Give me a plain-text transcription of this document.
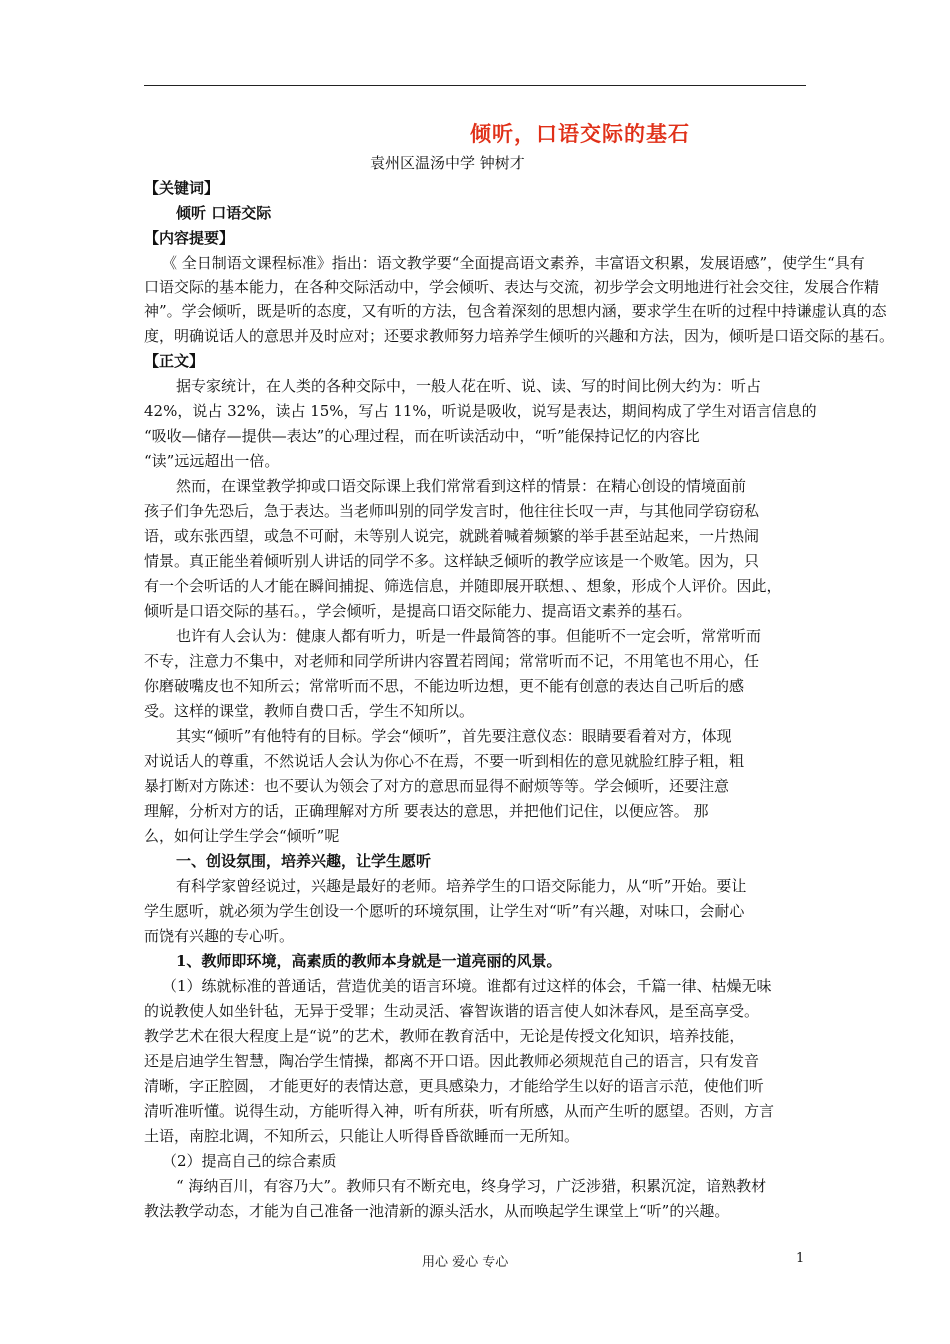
倾听，口语交际的基石
袁州区温汤中学 钟树才
【关键词】
倾听 口语交际
【内容提要】
《 全日制语文课程标准》指出：语文教学要“全面提高语文素养，丰富语文积累，发展语感”，使学生“具有
口语交际的基本能力，在各种交际活动中，学会倾听、表达与交流，初步学会文明地进行社会交往，发展合作精
神”。学会倾听，既是听的态度，又有听的方法，包含着深刻的思想内涵，要求学生在听的过程中持谦虚认真的态
度，明确说话人的意思并及时应对；还要求教师努力培养学生倾听的兴趣和方法，因为，倾听是口语交际的基石。
【正文】
据专家统计，在人类的各种交际中，一般人花在听、说、读、写的时间比例大约为：听占
42%，说占 32%，读占 15%，写占 11%，听说是吸收，说写是表达，期间构成了学生对语言信息的
“吸收—储存—提供—表达”的心理过程，而在听读活动中，“听”能保持记忆的内容比
“读”远远超出一倍。
然而，在课堂教学抑或口语交际课上我们常常看到这样的情景：在精心创设的情境面前
孩子们争先恐后，急于表达。当老师叫别的同学发言时，他往往长叹一声，与其他同学窃窃私
语，或东张西望，或急不可耐，未等别人说完，就跳着喊着频繁的举手甚至站起来，一片热闹
情景。真正能坐着倾听别人讲话的同学不多。这样缺乏倾听的教学应该是一个败笔。因为，只
有一个会听话的人才能在瞬间捕捉、筛选信息，并随即展开联想、、想象，形成个人评价。因此，
倾听是口语交际的基石。，学会倾听，是提高口语交际能力、提高语文素养的基石。
也许有人会认为：健康人都有听力，听是一件最简答的事。但能听不一定会听，常常听而
不专，注意力不集中，对老师和同学所讲内容置若罔闻；常常听而不记，不用笔也不用心，任
你磨破嘴皮也不知所云；常常听而不思，不能边听边想，更不能有创意的表达自己听后的感
受。这样的课堂，教师自费口舌，学生不知所以。
其实“倾听”有他特有的目标。学会“倾听”，首先要注意仪态：眼睛要看着对方，体现
对说话人的尊重，不然说话人会认为你心不在焉，不要一听到相佐的意见就脸红脖子粗，粗
暴打断对方陈述：也不要认为领会了对方的意思而显得不耐烦等等。学会倾听，还要注意
理解，分析对方的话，正确理解对方所 要表达的意思，并把他们记住，以便应答。 那
么，如何让学生学会“倾听”呢
一、创设氛围，培养兴趣，让学生愿听
有科学家曾经说过，兴趣是最好的老师。培养学生的口语交际能力，从“听”开始。要让
学生愿听，就必须为学生创设一个愿听的环境氛围，让学生对“听”有兴趣，对味口，会耐心
而饶有兴趣的专心听。
1、教师即环境，高素质的教师本身就是一道亮丽的风景。
（1）练就标准的普通话，营造优美的语言环境。谁都有过这样的体会，千篇一律、枯燥无味
的说教使人如坐针毡，无异于受罪；生动灵活、睿智诙谐的语言使人如沐春风，是至高享受。
教学艺术在很大程度上是“说”的艺术，教师在教育活中，无论是传授文化知识，培养技能，
还是启迪学生智慧，陶冶学生情操，都离不开口语。因此教师必须规范自己的语言，只有发音
清晰，字正腔圆， 才能更好的表情达意，更具感染力，才能给学生以好的语言示范，使他们听
清听准听懂。说得生动，方能听得入神，听有所获，听有所感，从而产生听的愿望。否则，方言
土语，南腔北调，不知所云，只能让人听得昏昏欲睡而一无所知。
（2）提高自己的综合素质
“ 海纳百川，有容乃大”。教师只有不断充电，终身学习，广泛涉猎，积累沉淀，谙熟教材
教法教学动态，才能为自己准备一池清新的源头活水，从而唤起学生课堂上“听”的兴趣。
用心 爱心 专心	1
